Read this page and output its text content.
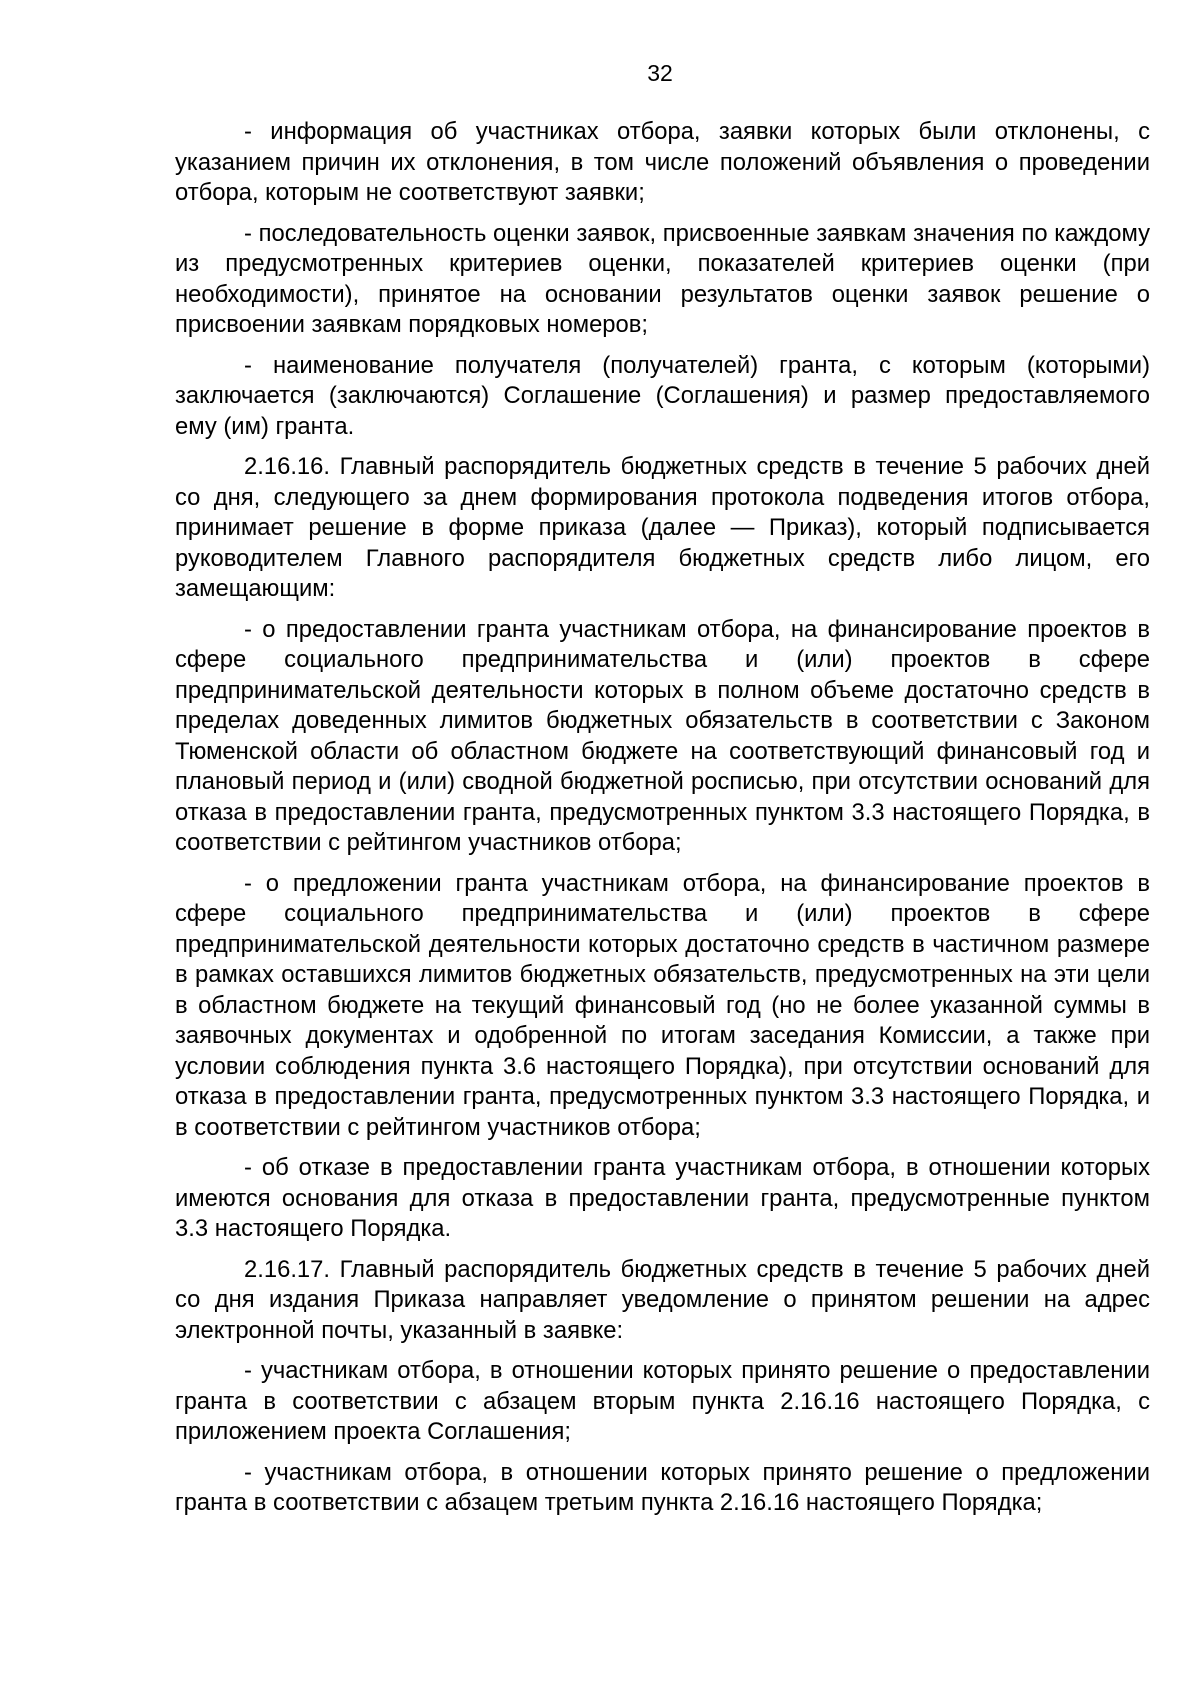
32

- информация об участниках отбора, заявки которых были отклонены, с указанием причин их отклонения, в том числе положений объявления о проведении отбора, которым не соответствуют заявки;

- последовательность оценки заявок, присвоенные заявкам значения по каждому из предусмотренных критериев оценки, показателей критериев оценки (при необходимости), принятое на основании результатов оценки заявок решение о присвоении заявкам порядковых номеров;

- наименование получателя (получателей) гранта, с которым (которыми) заключается (заключаются) Соглашение (Соглашения) и размер предоставляемого ему (им) гранта.

2.16.16. Главный распорядитель бюджетных средств в течение 5 рабочих дней со дня, следующего за днем формирования протокола подведения итогов отбора, принимает решение в форме приказа (далее — Приказ), который подписывается руководителем Главного распорядителя бюджетных средств либо лицом, его замещающим:

- о предоставлении гранта участникам отбора, на финансирование проектов в сфере социального предпринимательства и (или) проектов в сфере предпринимательской деятельности которых в полном объеме достаточно средств в пределах доведенных лимитов бюджетных обязательств в соответствии с Законом Тюменской области об областном бюджете на соответствующий финансовый год и плановый период и (или) сводной бюджетной росписью, при отсутствии оснований для отказа в предоставлении гранта, предусмотренных пунктом 3.3 настоящего Порядка, в соответствии с рейтингом участников отбора;

- о предложении гранта участникам отбора, на финансирование проектов в сфере социального предпринимательства и (или) проектов в сфере предпринимательской деятельности которых достаточно средств в частичном размере в рамках оставшихся лимитов бюджетных обязательств, предусмотренных на эти цели в областном бюджете на текущий финансовый год (но не более указанной суммы в заявочных документах и одобренной по итогам заседания Комиссии, а также при условии соблюдения пункта 3.6 настоящего Порядка), при отсутствии оснований для отказа в предоставлении гранта, предусмотренных пунктом 3.3 настоящего Порядка, и в соответствии с рейтингом участников отбора;

- об отказе в предоставлении гранта участникам отбора, в отношении которых имеются основания для отказа в предоставлении гранта, предусмотренные пунктом 3.3 настоящего Порядка.

2.16.17. Главный распорядитель бюджетных средств в течение 5 рабочих дней со дня издания Приказа направляет уведомление о принятом решении на адрес электронной почты, указанный в заявке:

- участникам отбора, в отношении которых принято решение о предоставлении гранта в соответствии с абзацем вторым пункта 2.16.16 настоящего Порядка, с приложением проекта Соглашения;

- участникам отбора, в отношении которых принято решение о предложении гранта в соответствии с абзацем третьим пункта 2.16.16 настоящего Порядка;
